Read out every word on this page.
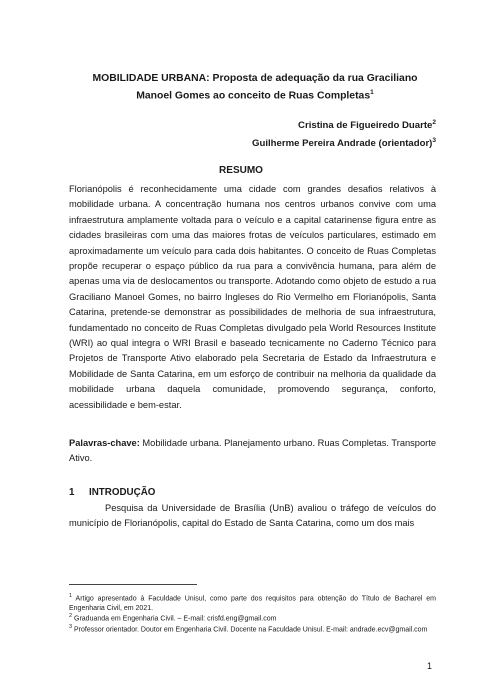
MOBILIDADE URBANA: Proposta de adequação da rua Graciliano
Manoel Gomes ao conceito de Ruas Completas$^1$
Cristina de Figueiredo Duarte$^2$
Guilherme Pereira Andrade (orientador)$^3$
RESUMO
Florianópolis é reconhecidamente uma cidade com grandes desafios relativos à mobilidade urbana. A concentração humana nos centros urbanos convive com uma infraestrutura amplamente voltada para o veículo e a capital catarinense figura entre as cidades brasileiras com uma das maiores frotas de veículos particulares, estimado em aproximadamente um veículo para cada dois habitantes. O conceito de Ruas Completas propõe recuperar o espaço público da rua para a convivência humana, para além de apenas uma via de deslocamentos ou transporte. Adotando como objeto de estudo a rua Graciliano Manoel Gomes, no bairro Ingleses do Rio Vermelho em Florianópolis, Santa Catarina, pretende-se demonstrar as possibilidades de melhoria de sua infraestrutura, fundamentado no conceito de Ruas Completas divulgado pela World Resources Institute (WRI) ao qual integra o WRI Brasil e baseado tecnicamente no Caderno Técnico para Projetos de Transporte Ativo elaborado pela Secretaria de Estado da Infraestrutura e Mobilidade de Santa Catarina, em um esforço de contribuir na melhoria da qualidade da mobilidade urbana daquela comunidade, promovendo segurança, conforto, acessibilidade e bem-estar.
Palavras-chave: Mobilidade urbana. Planejamento urbano. Ruas Completas. Transporte Ativo.
1 INTRODUÇÃO
Pesquisa da Universidade de Brasília (UnB) avaliou o tráfego de veículos do município de Florianópolis, capital do Estado de Santa Catarina, como um dos mais
$^1$ Artigo apresentado à Faculdade Unisul, como parte dos requisitos para obtenção do Título de Bacharel em Engenharia Civil, em 2021.
$^2$ Graduanda em Engenharia Civil. – E-mail: crisfd.eng@gmail.com
$^3$ Professor orientador. Doutor em Engenharia Civil. Docente na Faculdade Unisul. E-mail: andrade.ecv@gmail.com
1
